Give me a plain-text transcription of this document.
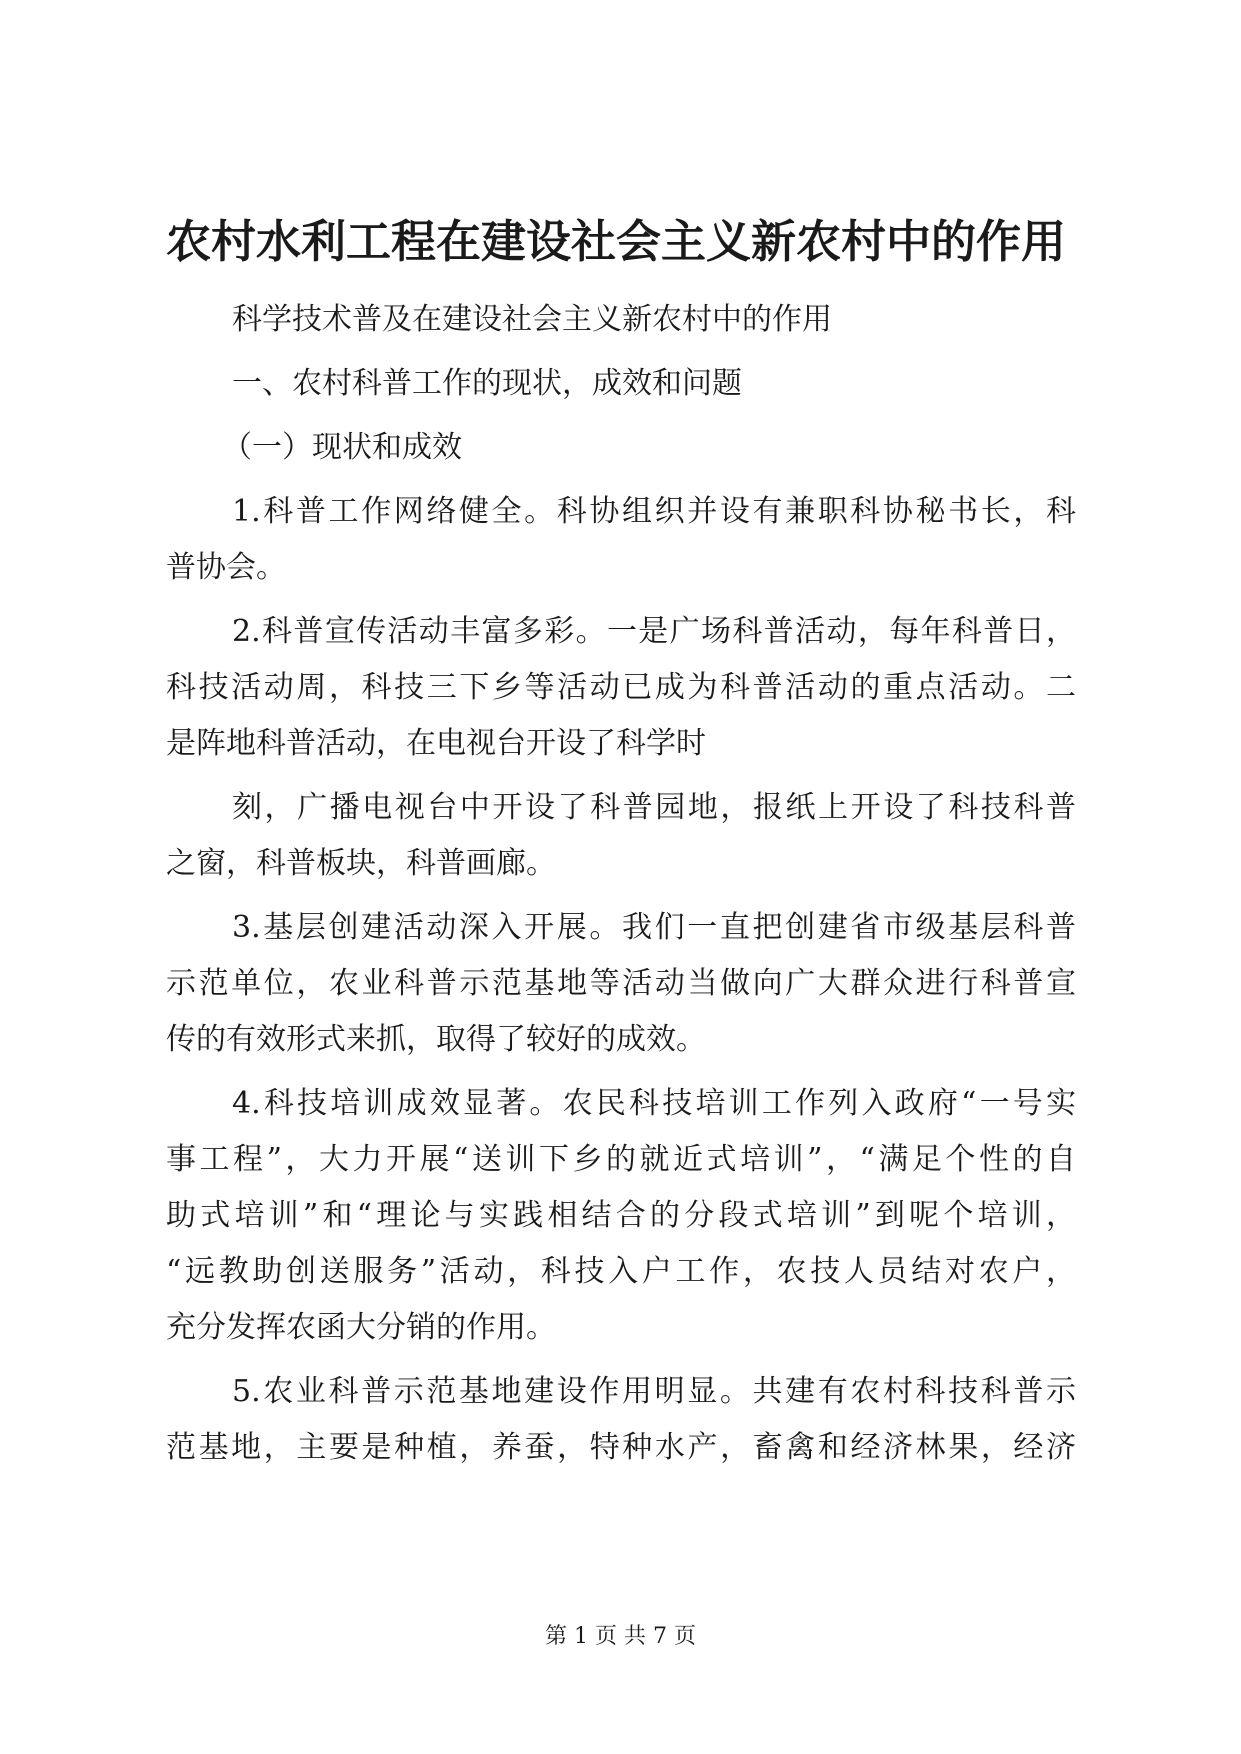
农村水利工程在建设社会主义新农村中的作用
科学技术普及在建设社会主义新农村中的作用
一、农村科普工作的现状，成效和问题
（一）现状和成效
1.科普工作网络健全。科协组织并设有兼职科协秘书长，科
普协会。
2.科普宣传活动丰富多彩。一是广场科普活动，每年科普日，
科技活动周，科技三下乡等活动已成为科普活动的重点活动。二
是阵地科普活动，在电视台开设了科学时
刻，广播电视台中开设了科普园地，报纸上开设了科技科普
之窗，科普板块，科普画廊。
3.基层创建活动深入开展。我们一直把创建省市级基层科普
示范单位，农业科普示范基地等活动当做向广大群众进行科普宣
传的有效形式来抓，取得了较好的成效。
4.科技培训成效显著。农民科技培训工作列入政府“一号实
事工程”，大力开展“送训下乡的就近式培训”，“满足个性的自
助式培训”和“理论与实践相结合的分段式培训”到呢个培训，
“远教助创送服务”活动，科技入户工作，农技人员结对农户，
充分发挥农函大分销的作用。
5.农业科普示范基地建设作用明显。共建有农村科技科普示
范基地，主要是种植，养蚕，特种水产，畜禽和经济林果，经济
第 1 页 共 7 页
